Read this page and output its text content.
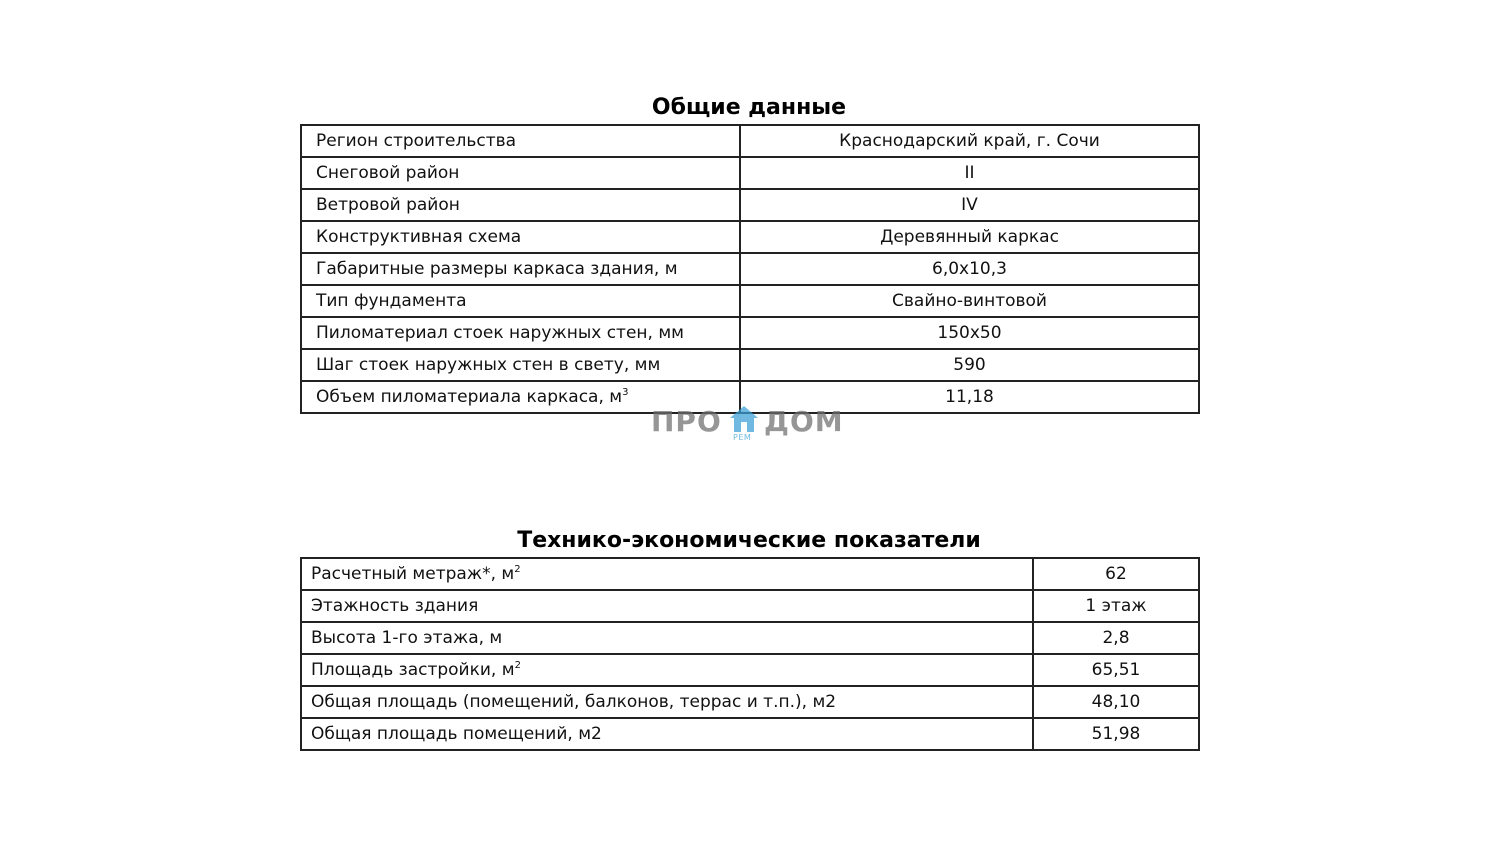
Общие данные
Регион строительства	Краснодарский край, г. Сочи
Снеговой район	II
Ветровой район	IV
Конструктивная схема	Деревянный каркас
Габаритные размеры каркаса здания, м	6,0x10,3
Тип фундамента	Свайно-винтовой
Пиломатериал стоек наружных стен, мм	150x50
Шаг стоек наружных стен в свету, мм	590
Объем пиломатериала каркаса, $м^3$	11,18
ПРО РЕМ ДОМ
Технико-экономические показатели
Расчетный метраж*, $м^2$	62
Этажность здания	1 этаж
Высота 1-го этажа, м	2,8
Площадь застройки, $м^2$	65,51
Общая площадь (помещений, балконов, террас и т.п.), м2	48,10
Общая площадь помещений, м2	51,98
